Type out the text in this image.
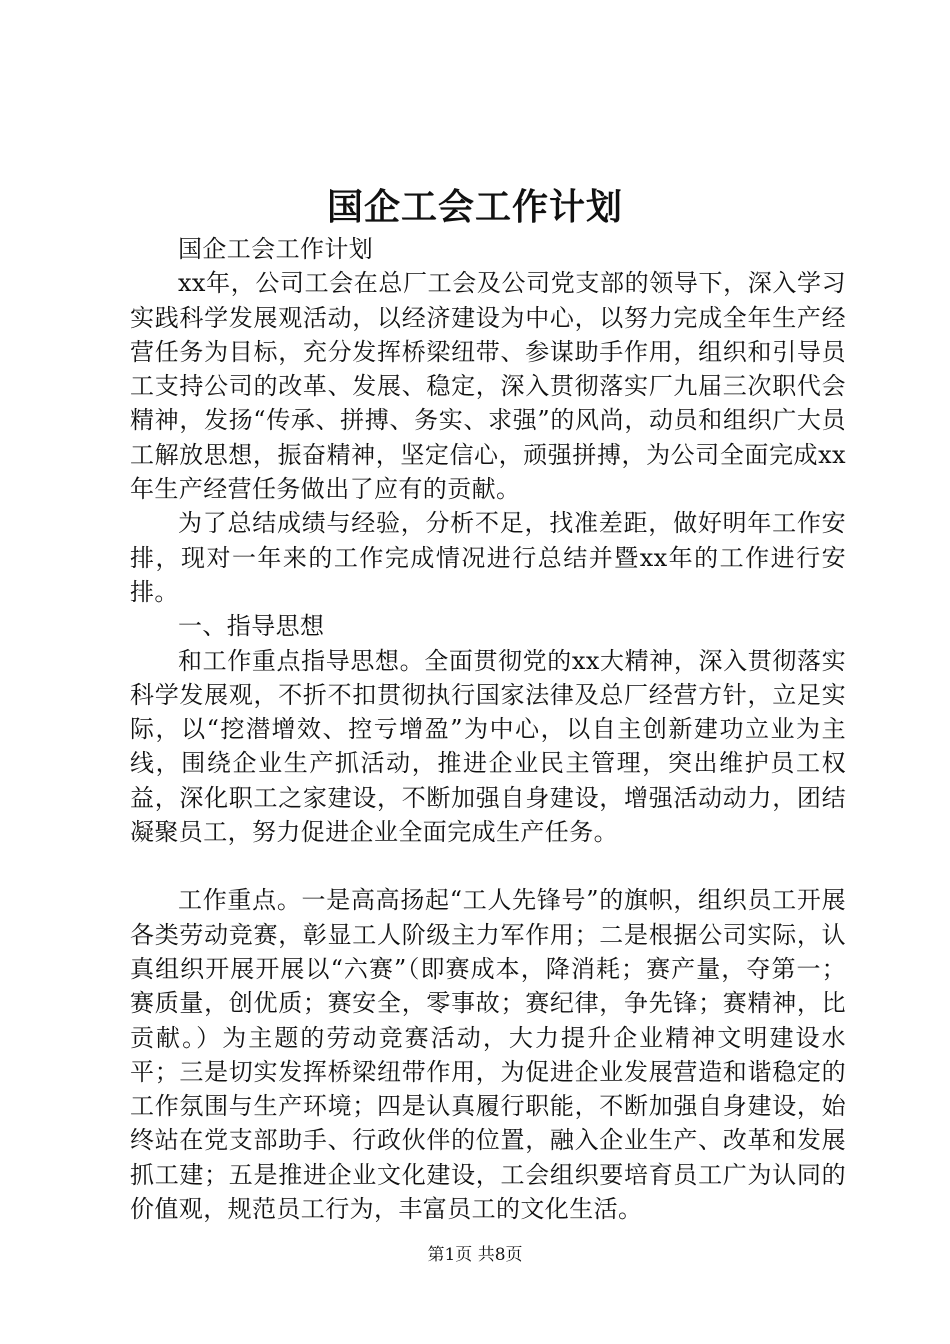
国企工会工作计划

国企工会工作计划

xx年，公司工会在总厂工会及公司党支部的领导下，深入学习实践科学发展观活动，以经济建设为中心，以努力完成全年生产经营任务为目标，充分发挥桥梁纽带、参谋助手作用，组织和引导员工支持公司的改革、发展、稳定，深入贯彻落实厂九届三次职代会精神，发扬“传承、拼搏、务实、求强”的风尚，动员和组织广大员工解放思想，振奋精神，坚定信心，顽强拼搏，为公司全面完成xx年生产经营任务做出了应有的贡献。

为了总结成绩与经验，分析不足，找准差距，做好明年工作安排，现对一年来的工作完成情况进行总结并暨xx年的工作进行安排。

一、指导思想

和工作重点指导思想。全面贯彻党的xx大精神，深入贯彻落实科学发展观，不折不扣贯彻执行国家法律及总厂经营方针，立足实际，以“挖潜增效、控亏增盈”为中心，以自主创新建功立业为主线，围绕企业生产抓活动，推进企业民主管理，突出维护员工权益，深化职工之家建设，不断加强自身建设，增强活动动力，团结凝聚员工，努力促进企业全面完成生产任务。

工作重点。一是高高扬起“工人先锋号”的旗帜，组织员工开展各类劳动竞赛，彰显工人阶级主力军作用；二是根据公司实际，认真组织开展开展以“六赛”（即赛成本，降消耗；赛产量，夺第一；赛质量，创优质；赛安全，零事故；赛纪律，争先锋；赛精神，比贡献。）为主题的劳动竞赛活动，大力提升企业精神文明建设水平；三是切实发挥桥梁纽带作用，为促进企业发展营造和谐稳定的工作氛围与生产环境；四是认真履行职能，不断加强自身建设，始终站在党支部助手、行政伙伴的位置，融入企业生产、改革和发展抓工建；五是推进企业文化建设，工会组织要培育员工广为认同的价值观，规范员工行为，丰富员工的文化生活。

第1页 共8页
